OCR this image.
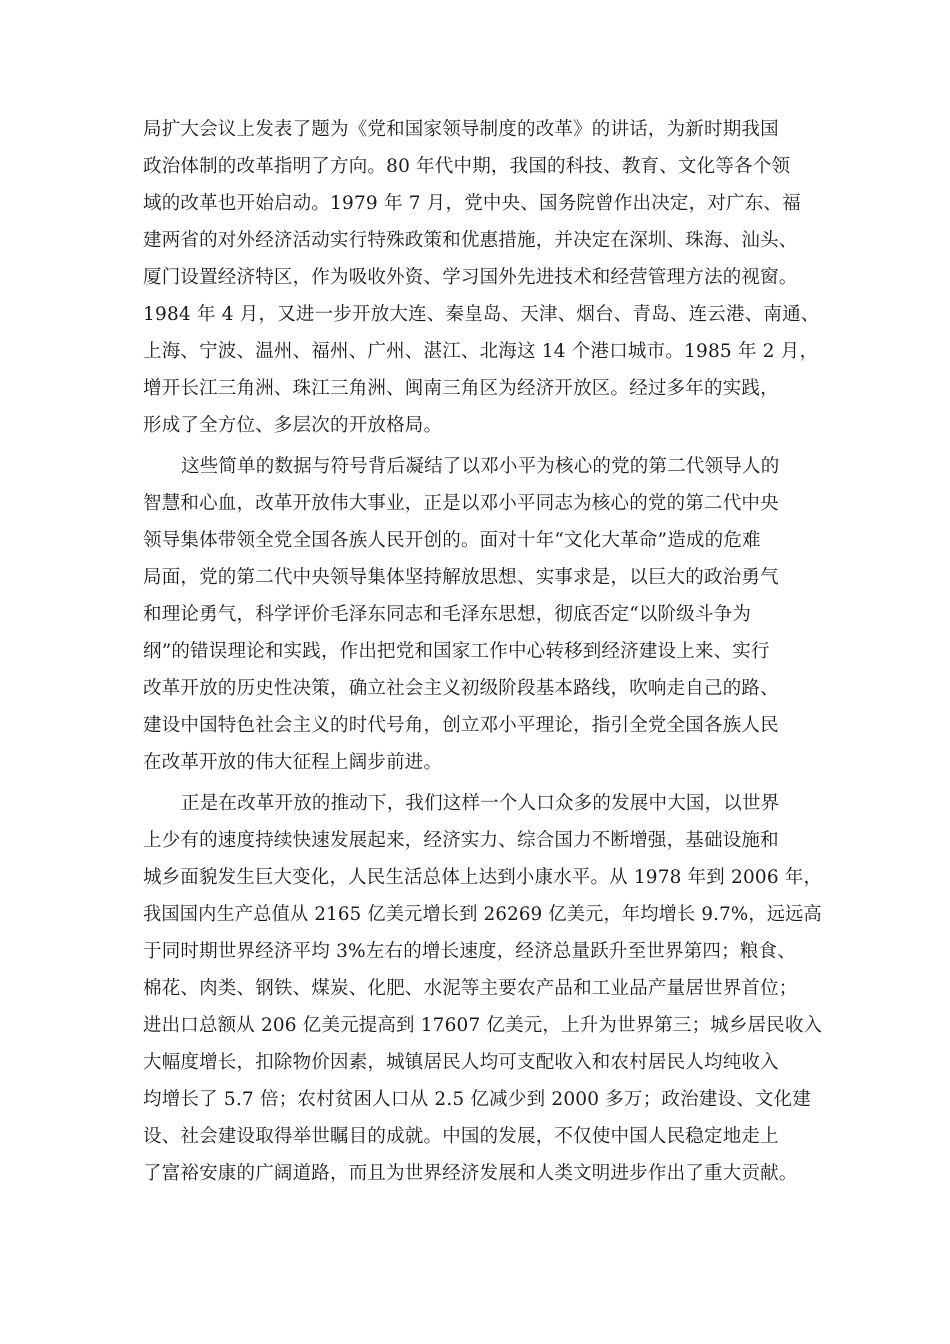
局扩大会议上发表了题为《党和国家领导制度的改革》的讲话，为新时期我国

政治体制的改革指明了方向。80 年代中期，我国的科技、教育、文化等各个领

域的改革也开始启动。1979 年 7 月，党中央、国务院曾作出决定，对广东、福

建两省的对外经济活动实行特殊政策和优惠措施，并决定在深圳、珠海、汕头、

厦门设置经济特区，作为吸收外资、学习国外先进技术和经营管理方法的视窗。

1984 年 4 月，又进一步开放大连、秦皇岛、天津、烟台、青岛、连云港、南通、

上海、宁波、温州、福州、广州、湛江、北海这 14 个港口城市。1985 年 2 月，

增开长江三角洲、珠江三角洲、闽南三角区为经济开放区。经过多年的实践，

形成了全方位、多层次的开放格局。

这些简单的数据与符号背后凝结了以邓小平为核心的党的第二代领导人的

智慧和心血，改革开放伟大事业，正是以邓小平同志为核心的党的第二代中央

领导集体带领全党全国各族人民开创的。面对十年“文化大革命”造成的危难

局面，党的第二代中央领导集体坚持解放思想、实事求是，以巨大的政治勇气

和理论勇气，科学评价毛泽东同志和毛泽东思想，彻底否定“以阶级斗争为

纲”的错误理论和实践，作出把党和国家工作中心转移到经济建设上来、实行

改革开放的历史性决策，确立社会主义初级阶段基本路线，吹响走自己的路、

建设中国特色社会主义的时代号角，创立邓小平理论，指引全党全国各族人民

在改革开放的伟大征程上阔步前进。

正是在改革开放的推动下，我们这样一个人口众多的发展中大国，以世界

上少有的速度持续快速发展起来，经济实力、综合国力不断增强，基础设施和

城乡面貌发生巨大变化，人民生活总体上达到小康水平。从 1978 年到 2006 年，

我国国内生产总值从 2165 亿美元增长到 26269 亿美元，年均增长 9.7%，远远高

于同时期世界经济平均 3%左右的增长速度，经济总量跃升至世界第四；粮食、

棉花、肉类、钢铁、煤炭、化肥、水泥等主要农产品和工业品产量居世界首位；

进出口总额从 206 亿美元提高到 17607 亿美元，上升为世界第三；城乡居民收入

大幅度增长，扣除物价因素，城镇居民人均可支配收入和农村居民人均纯收入

均增长了 5.7 倍；农村贫困人口从 2.5 亿减少到 2000 多万；政治建设、文化建

设、社会建设取得举世瞩目的成就。中国的发展，不仅使中国人民稳定地走上

了富裕安康的广阔道路，而且为世界经济发展和人类文明进步作出了重大贡献。
